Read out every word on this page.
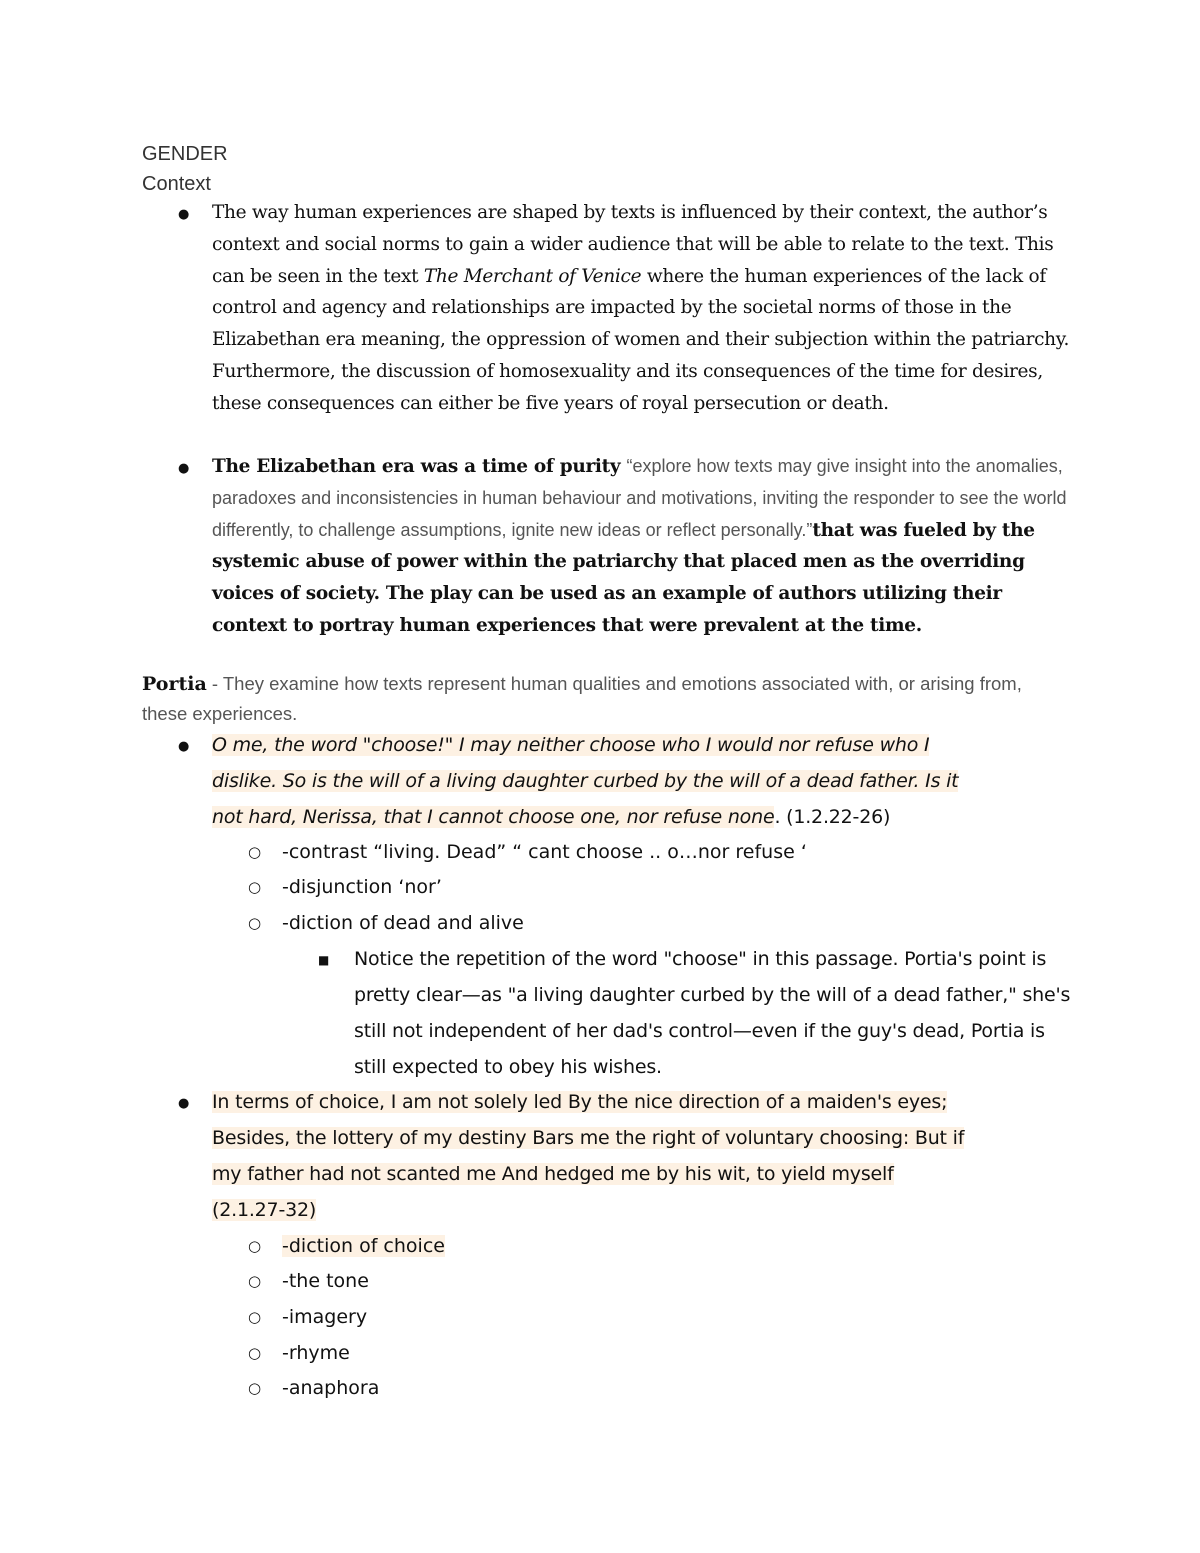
GENDER
Context
● The way human experiences are shaped by texts is influenced by their context, the author’s context and social norms to gain a wider audience that will be able to relate to the text. This can be seen in the text The Merchant of Venice where the human experiences of the lack of control and agency and relationships are impacted by the societal norms of those in the Elizabethan era meaning, the oppression of women and their subjection within the patriarchy. Furthermore, the discussion of homosexuality and its consequences of the time for desires, these consequences can either be five years of royal persecution or death.
● The Elizabethan era was a time of purity “explore how texts may give insight into the anomalies, paradoxes and inconsistencies in human behaviour and motivations, inviting the responder to see the world differently, to challenge assumptions, ignite new ideas or reflect personally.”that was fueled by the systemic abuse of power within the patriarchy that placed men as the overriding voices of society. The play can be used as an example of authors utilizing their context to portray human experiences that were prevalent at the time.
Portia - They examine how texts represent human qualities and emotions associated with, or arising from, these experiences.
● O me, the word "choose!" I may neither choose who I would nor refuse who I
dislike. So is the will of a living daughter curbed by the will of a dead father. Is it
not hard, Nerissa, that I cannot choose one, nor refuse none. (1.2.22-26)
○ -contrast “living. Dead” “ cant choose .. o…nor refuse ‘
○ -disjunction ‘nor’
○ -diction of dead and alive
■ Notice the repetition of the word "choose" in this passage. Portia's point is pretty clear—as "a living daughter curbed by the will of a dead father," she's still not independent of her dad's control—even if the guy's dead, Portia is still expected to obey his wishes.
● In terms of choice, I am not solely led By the nice direction of a maiden's eyes;
Besides, the lottery of my destiny Bars me the right of voluntary choosing: But if
my father had not scanted me And hedged me by his wit, to yield myself
(2.1.27-32)
○ -diction of choice
○ -the tone
○ -imagery
○ -rhyme
○ -anaphora
